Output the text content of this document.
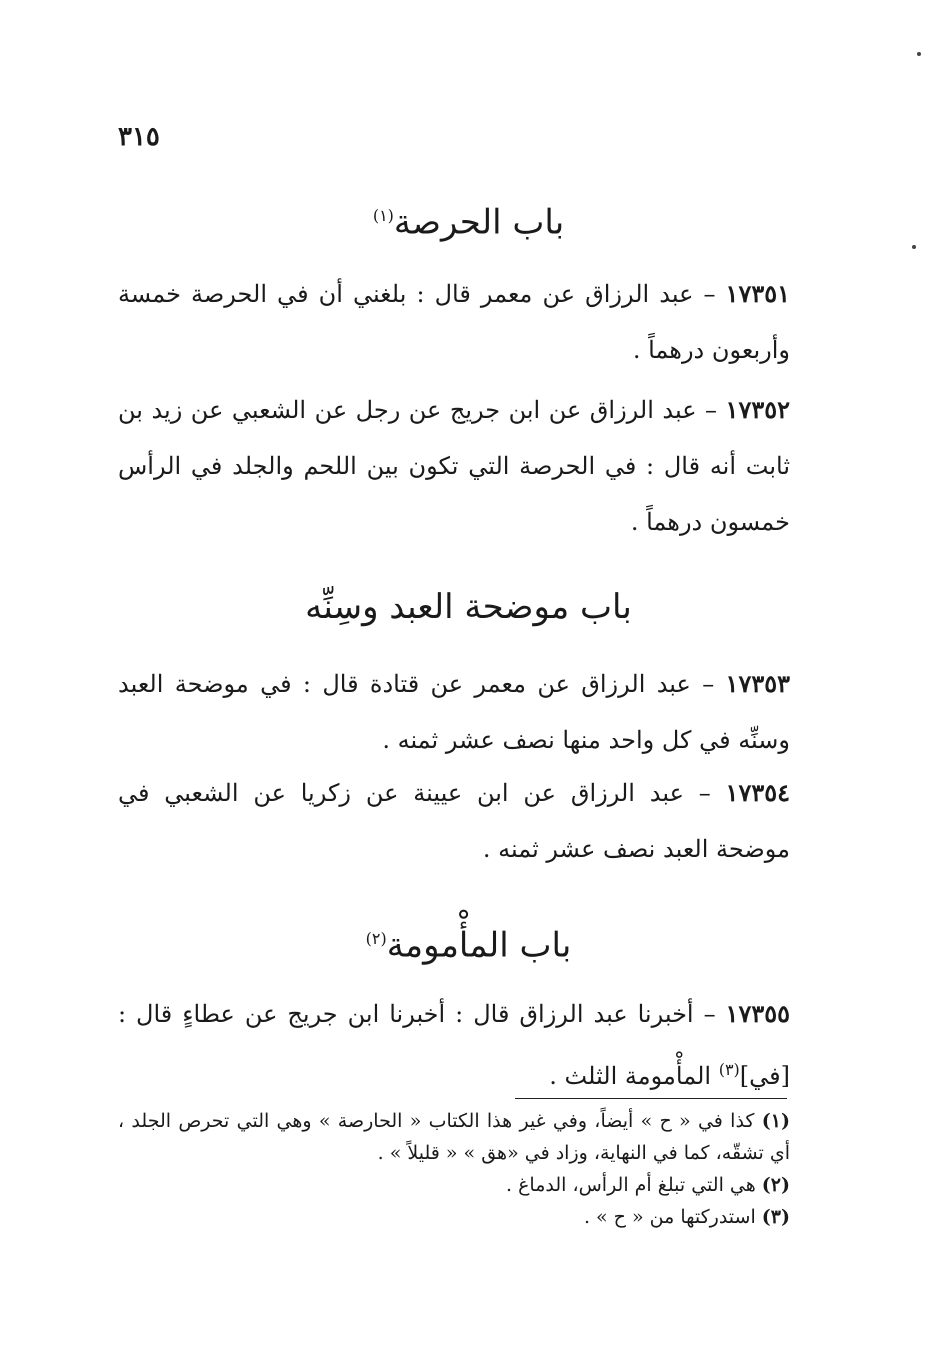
٣١٥
باب الحرصة$^{(١)}$
١٧٣٥١ – عبد الرزاق عن معمر قال : بلغني أن في الحرصة خمسة وأربعون درهماً .
١٧٣٥٢ – عبد الرزاق عن ابن جريج عن رجل عن الشعبي عن زيد بن ثابت أنه قال : في الحرصة التي تكون بين اللحم والجلد في الرأس خمسون درهماً .
باب موضحة العبد وسِنِّه
١٧٣٥٣ – عبد الرزاق عن معمر عن قتادة قال : في موضحة العبد وسنِّه في كل واحد منها نصف عشر ثمنه .
١٧٣٥٤ – عبد الرزاق عن ابن عيينة عن زكريا عن الشعبي في موضحة العبد نصف عشر ثمنه .
باب المأْمومة$^{(٢)}$
١٧٣٥٥ – أخبرنا عبد الرزاق قال : أخبرنا ابن جريج عن عطاءٍ قال : [في]$^{(٣)}$ المأْمومة الثلث .

(١) كذا في « ح » أيضاً، وفي غير هذا الكتاب « الحارصة » وهي التي تحرص الجلد ، أي تشقّه، كما في النهاية، وزاد في «هق » « قليلاً » .

(٢) هي التي تبلغ أم الرأس، الدماغ .

(٣) استدركتها من « ح » .
